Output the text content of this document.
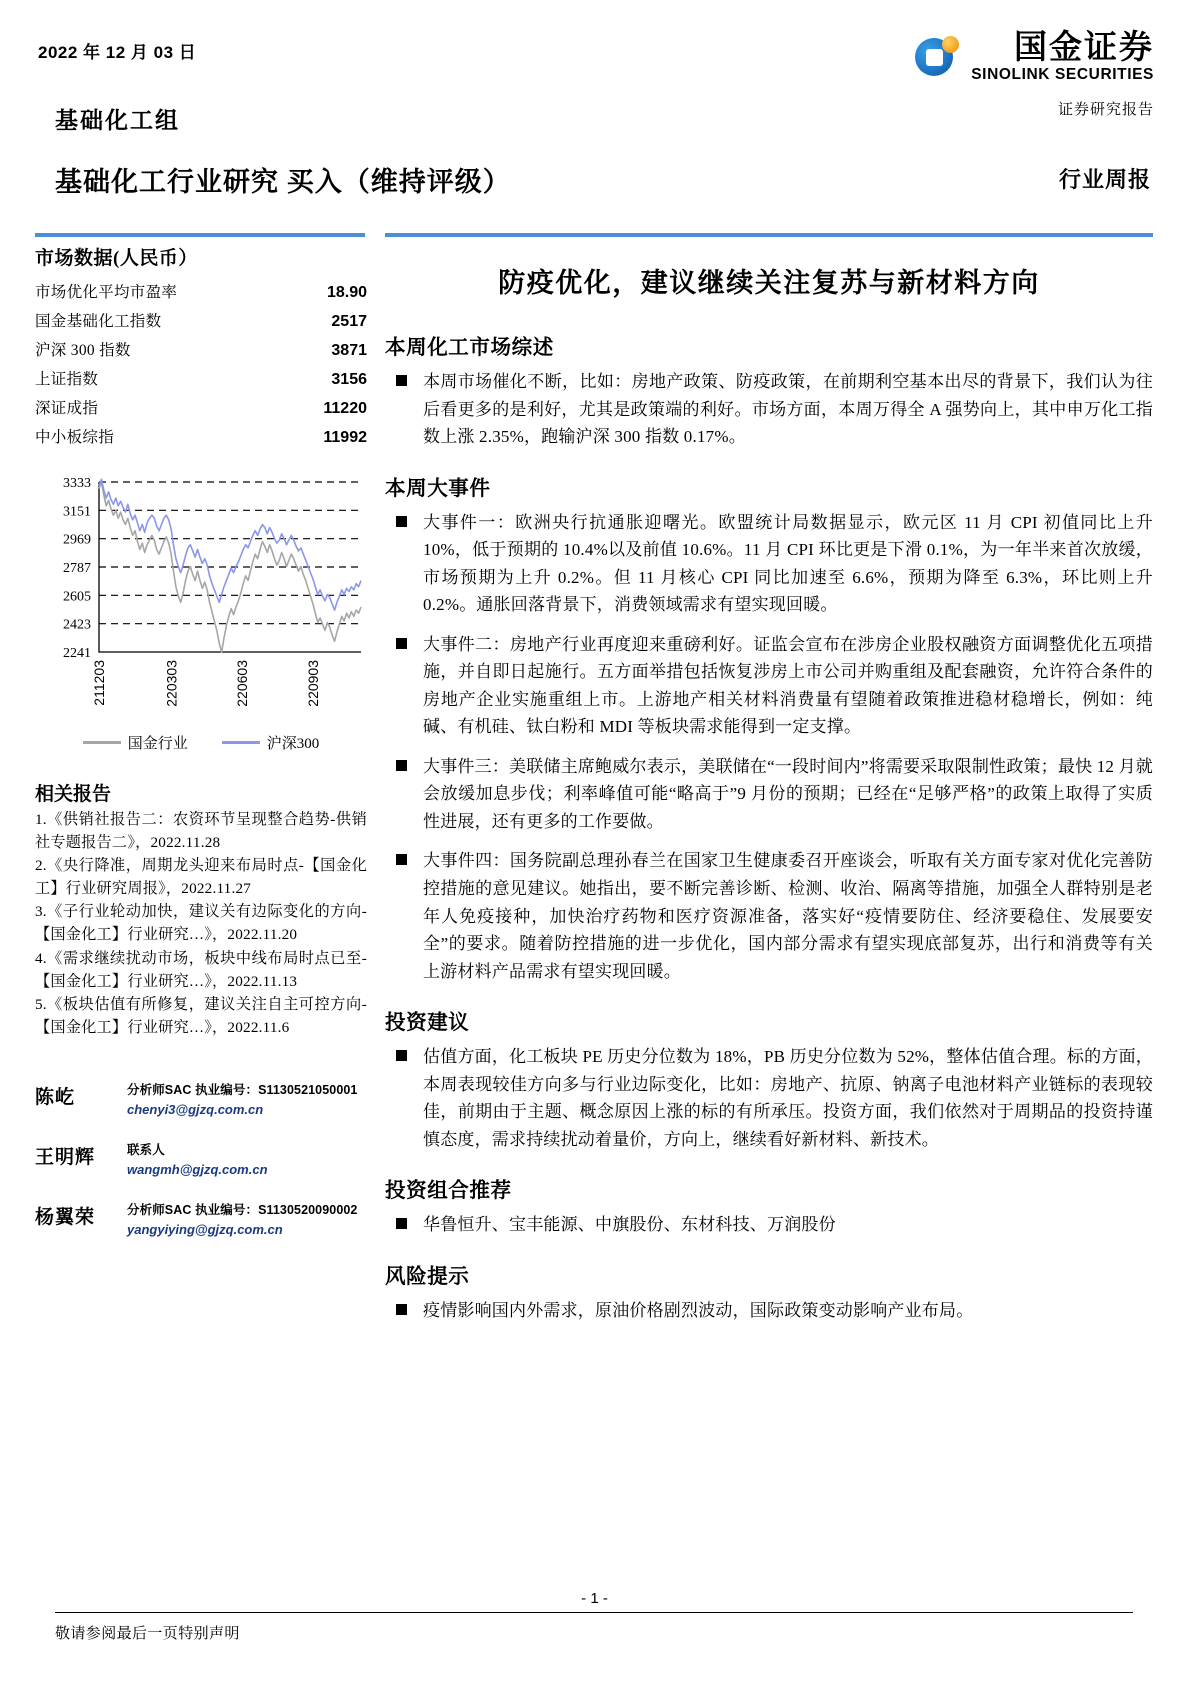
2022 年 12 月 03 日
基础化工组
国金证券
SINOLINK SECURITIES
证券研究报告
基础化工行业研究 买入（维持评级）	行业周报
市场数据(人民币）
市场优化平均市盈率	18.90
国金基础化工指数	2517
沪深 300 指数	3871
上证指数	3156
深证成指	11220
中小板综指	11992
3333
3151
2969
2787
2605
2423
2241
211203	220303	220603	220903
国金行业	沪深300
相关报告
1.《供销社报告二：农资环节呈现整合趋势-供销社专题报告二》，2022.11.28
2.《央行降准，周期龙头迎来布局时点-【国金化工】行业研究周报》，2022.11.27
3.《子行业轮动加快，建议关有边际变化的方向-【国金化工】行业研究…》，2022.11.20
4.《需求继续扰动市场，板块中线布局时点已至-【国金化工】行业研究…》，2022.11.13
5.《板块估值有所修复，建议关注自主可控方向-【国金化工】行业研究…》，2022.11.6
陈屹	分析师SAC 执业编号：S1130521050001
chenyi3@gjzq.com.cn
王明辉	联系人
wangmh@gjzq.com.cn
杨翼荣	分析师SAC 执业编号：S1130520090002
yangyiying@gjzq.com.cn
防疫优化，建议继续关注复苏与新材料方向
本周化工市场综述
本周市场催化不断，比如：房地产政策、防疫政策，在前期利空基本出尽的背景下，我们认为往后看更多的是利好，尤其是政策端的利好。市场方面，本周万得全 A 强势向上，其中申万化工指数上涨 2.35%，跑输沪深 300 指数 0.17%。
本周大事件
大事件一：欧洲央行抗通胀迎曙光。欧盟统计局数据显示，欧元区 11 月 CPI 初值同比上升 10%，低于预期的 10.4%以及前值 10.6%。11 月 CPI 环比更是下滑 0.1%，为一年半来首次放缓，市场预期为上升 0.2%。但 11 月核心 CPI 同比加速至 6.6%，预期为降至 6.3%，环比则上升 0.2%。通胀回落背景下，消费领域需求有望实现回暖。
大事件二：房地产行业再度迎来重磅利好。证监会宣布在涉房企业股权融资方面调整优化五项措施，并自即日起施行。五方面举措包括恢复涉房上市公司并购重组及配套融资，允许符合条件的房地产企业实施重组上市。上游地产相关材料消费量有望随着政策推进稳材稳增长，例如：纯碱、有机硅、钛白粉和 MDI 等板块需求能得到一定支撑。
大事件三：美联储主席鲍威尔表示，美联储在“一段时间内”将需要采取限制性政策；最快 12 月就会放缓加息步伐；利率峰值可能“略高于”9 月份的预期；已经在“足够严格”的政策上取得了实质性进展，还有更多的工作要做。
大事件四：国务院副总理孙春兰在国家卫生健康委召开座谈会，听取有关方面专家对优化完善防控措施的意见建议。她指出，要不断完善诊断、检测、收治、隔离等措施，加强全人群特别是老年人免疫接种，加快治疗药物和医疗资源准备，落实好“疫情要防住、经济要稳住、发展要安全”的要求。随着防控措施的进一步优化，国内部分需求有望实现底部复苏，出行和消费等有关上游材料产品需求有望实现回暖。
投资建议
估值方面，化工板块 PE 历史分位数为 18%，PB 历史分位数为 52%，整体估值合理。标的方面，本周表现较佳方向多与行业边际变化，比如：房地产、抗原、钠离子电池材料产业链标的表现较佳，前期由于主题、概念原因上涨的标的有所承压。投资方面，我们依然对于周期品的投资持谨慎态度，需求持续扰动着量价，方向上，继续看好新材料、新技术。
投资组合推荐
华鲁恒升、宝丰能源、中旗股份、东材科技、万润股份
风险提示
疫情影响国内外需求，原油价格剧烈波动，国际政策变动影响产业布局。
- 1 -
敬请参阅最后一页特别声明
